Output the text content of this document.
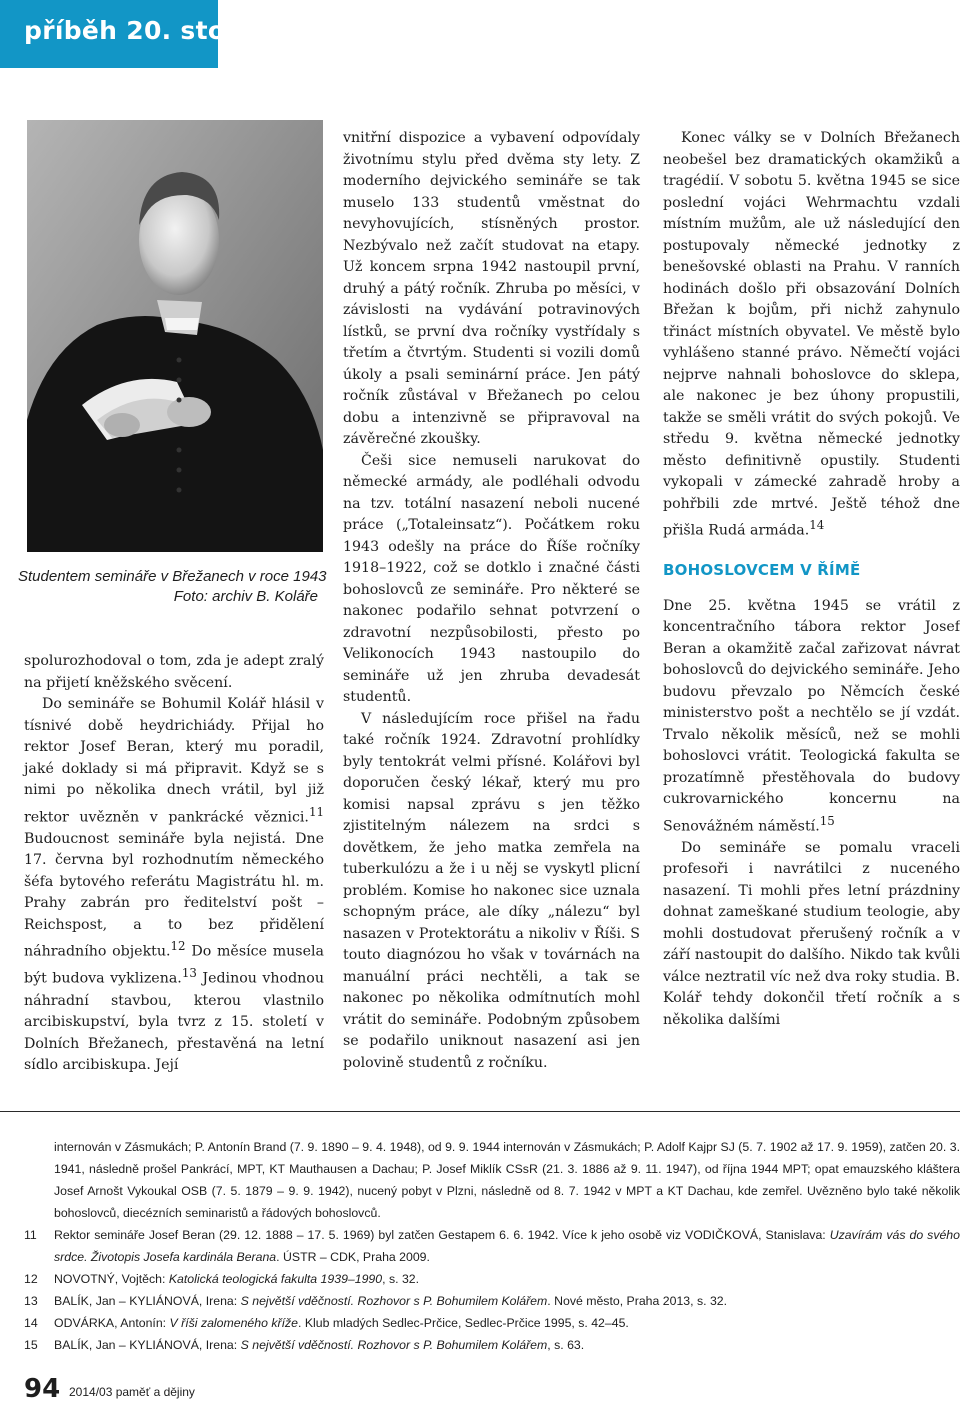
příběh 20. století
Studentem semináře v Břežanech v roce 1943
Foto: archiv B. Koláře

spolurozhodoval o tom, zda je adept zralý na přijetí kněžského svěcení.

Do semináře se Bohumil Kolář hlásil v tísnivé době heydrichiády. Přijal ho rektor Josef Beran, který mu poradil, jaké doklady si má připravit. Když se s nimi po několika dnech vrátil, byl již rektor uvězněn v pankrácké věznici.$^{11}$ Budoucnost semináře byla nejistá. Dne 17. června byl rozhodnutím německého šéfa bytového referátu Magistrátu hl. m. Prahy zabrán pro ředitelství pošt – Reichspost, a to bez přidělení náhradního objektu.$^{12}$ Do měsíce musela být budova vyklizena.$^{13}$ Jedinou vhodnou náhradní stavbou, kterou vlastnilo arcibiskupství, byla tvrz z 15. století v Dolních Břežanech, přestavěná na letní sídlo arcibiskupa. Její

vnitřní dispozice a vybavení odpovídaly životnímu stylu před dvěma sty lety. Z moderního dejvického semináře se tak muselo 133 studentů vměstnat do nevyhovujících, stísněných prostor. Nezbývalo než začít studovat na etapy. Už koncem srpna 1942 nastoupil první, druhý a pátý ročník. Zhruba po měsíci, v závislosti na vydávání potravinových lístků, se první dva ročníky vystřídaly s třetím a čtvrtým. Studenti si vozili domů úkoly a psali seminární práce. Jen pátý ročník zůstával v Břežanech po celou dobu a intenzivně se připravoval na závěrečné zkoušky.

Češi sice nemuseli narukovat do německé armády, ale podléhali odvodu na tzv. totální nasazení neboli nucené práce („Totaleinsatz“). Počátkem roku 1943 odešly na práce do Říše ročníky 1918–1922, což se dotklo i značné části bohoslovců ze semináře. Pro některé se nakonec podařilo sehnat potvrzení o zdravotní nezpůsobilosti, přesto po Velikonocích 1943 nastoupilo do semináře už jen zhruba devadesát studentů.

V následujícím roce přišel na řadu také ročník 1924. Zdravotní prohlídky byly tentokrát velmi přísné. Kolářovi byl doporučen český lékař, který mu pro komisi napsal zprávu s jen těžko zjistitelným nálezem na srdci s dovětkem, že jeho matka zemřela na tuberkulózu a že i u něj se vyskytl plicní problém. Komise ho nakonec sice uznala schopným práce, ale díky „nálezu“ byl nasazen v Protektorátu a nikoliv v Říši. S touto diagnózou ho však v továrnách na manuální práci nechtěli, a tak se nakonec po několika odmítnutích mohl vrátit do semináře. Podobným způsobem se podařilo uniknout nasazení asi jen polovině studentů z ročníku.

Konec války se v Dolních Břežanech neobešel bez dramatických okamžiků a tragédií. V sobotu 5. května 1945 se sice poslední vojáci Wehrmachtu vzdali místním mužům, ale už následující den postupovaly německé jednotky z benešovské oblasti na Prahu. V ranních hodinách došlo při obsazování Dolních Břežan k bojům, při nichž zahynulo třináct místních obyvatel. Ve městě bylo vyhlášeno stanné právo. Němečtí vojáci nejprve nahnali bohoslovce do sklepa, ale nakonec je bez úhony propustili, takže se směli vrátit do svých pokojů. Ve středu 9. května německé jednotky město definitivně opustily. Studenti vykopali v zámecké zahradě hroby a pohřbili zde mrtvé. Ještě téhož dne přišla Rudá armáda.$^{14}$

BOHOSLOVCEM V ŘÍMĚ

Dne 25. května 1945 se vrátil z koncentračního tábora rektor Josef Beran a okamžitě začal zařizovat návrat bohoslovců do dejvického semináře. Jeho budovu převzalo po Němcích české ministerstvo pošt a nechtělo se jí vzdát. Trvalo několik měsíců, než se mohli bohoslovci vrátit. Teologická fakulta se prozatímně přestěhovala do budovy cukrovarnického koncernu na Senovážném náměstí.$^{15}$

Do semináře se pomalu vraceli profesoři i navrátilci z nuceného nasazení. Ti mohli přes letní prázdniny dohnat zameškané studium teologie, aby mohli dostudovat přerušený ročník a v září nastoupit do dalšího. Nikdo tak kvůli válce neztratil víc než dva roky studia. B. Kolář tehdy dokončil třetí ročník a s několika dalšími

internován v Zásmukách; P. Antonín Brand (7. 9. 1890 – 9. 4. 1948), od 9. 9. 1944 internován v Zásmukách; P. Adolf Kajpr SJ (5. 7. 1902 až 17. 9. 1959), zatčen 20. 3. 1941, následně prošel Pankrácí, MPT, KT Mauthausen a Dachau; P. Josef Miklík CSsR (21. 3. 1886 až 9. 11. 1947), od října 1944 MPT; opat emauzského kláštera Josef Arnošt Vykoukal OSB (7. 5. 1879 – 9. 9. 1942), nucený pobyt v Plzni, následně od 8. 7. 1942 v MPT a KT Dachau, kde zemřel. Uvězněno bylo také několik bohoslovců, diecézních seminaristů a řádových bohoslovců.
11	Rektor semináře Josef Beran (29. 12. 1888 – 17. 5. 1969) byl zatčen Gestapem 6. 6. 1942. Více k jeho osobě viz VODIČKOVÁ, Stanislava: Uzavírám vás do svého srdce. Životopis Josefa kardinála Berana. ÚSTR – CDK, Praha 2009.
12	NOVOTNÝ, Vojtěch: Katolická teologická fakulta 1939–1990, s. 32.
13	BALÍK, Jan – KYLIÁNOVÁ, Irena: S největší vděčností. Rozhovor s P. Bohumilem Kolářem. Nové město, Praha 2013, s. 32.
14	ODVÁRKA, Antonín: V říši zalomeného kříže. Klub mladých Sedlec-Prčice, Sedlec-Prčice 1995, s. 42–45.
15	BALÍK, Jan – KYLIÁNOVÁ, Irena: S největší vděčností. Rozhovor s P. Bohumilem Kolářem, s. 63.
94 2014/03 paměť a dějiny
